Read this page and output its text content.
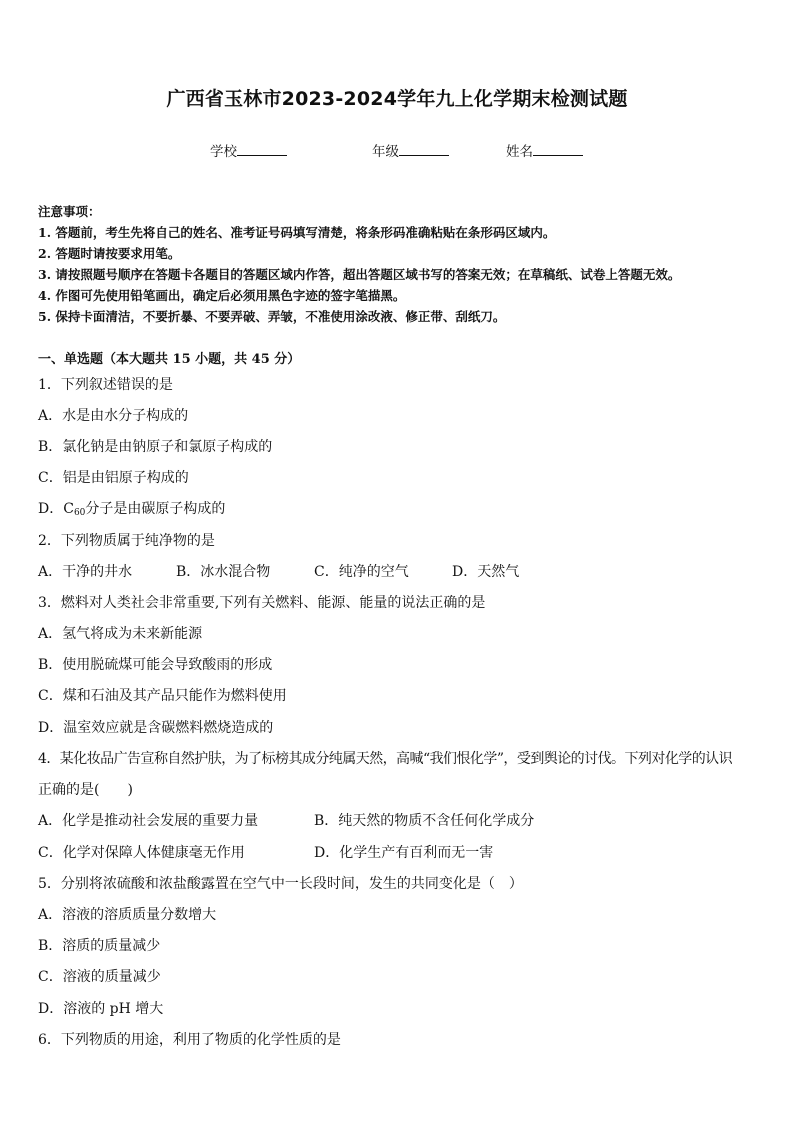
广西省玉林市2023-2024学年九上化学期末检测试题
学校	年级	姓名
注意事项：
1. 答题前，考生先将自己的姓名、准考证号码填写清楚，将条形码准确粘贴在条形码区域内。
2. 答题时请按要求用笔。
3. 请按照题号顺序在答题卡各题目的答题区域内作答，超出答题区域书写的答案无效；在草稿纸、试卷上答题无效。
4. 作图可先使用铅笔画出，确定后必须用黑色字迹的签字笔描黑。
5. 保持卡面清洁，不要折暴、不要弄破、弄皱，不准使用涂改液、修正带、刮纸刀。
一、单选题（本大题共 15 小题，共 45 分）
1．下列叙述错误的是
A．水是由水分子构成的
B．氯化钠是由钠原子和氯原子构成的
C．铝是由铝原子构成的
D．$C_{60}$分子是由碳原子构成的
2．下列物质属于纯净物的是
A．干净的井水	B．冰水混合物	C．纯净的空气	D．天然气
3．燃料对人类社会非常重要,下列有关燃料、能源、能量的说法正确的是
A．氢气将成为未来新能源
B．使用脱硫煤可能会导致酸雨的形成
C．煤和石油及其产品只能作为燃料使用
D．温室效应就是含碳燃料燃烧造成的
4．某化妆品广告宣称自然护肤，为了标榜其成分纯属天然，高喊“我们恨化学”，受到舆论的讨伐。下列对化学的认识
正确的是(　　)
A．化学是推动社会发展的重要力量	B．纯天然的物质不含任何化学成分
C．化学对保障人体健康毫无作用	D．化学生产有百利而无一害
5．分别将浓硫酸和浓盐酸露置在空气中一长段时间，发生的共同变化是（　）
A．溶液的溶质质量分数增大
B．溶质的质量减少
C．溶液的质量减少
D．溶液的 pH 增大
6．下列物质的用途，利用了物质的化学性质的是
